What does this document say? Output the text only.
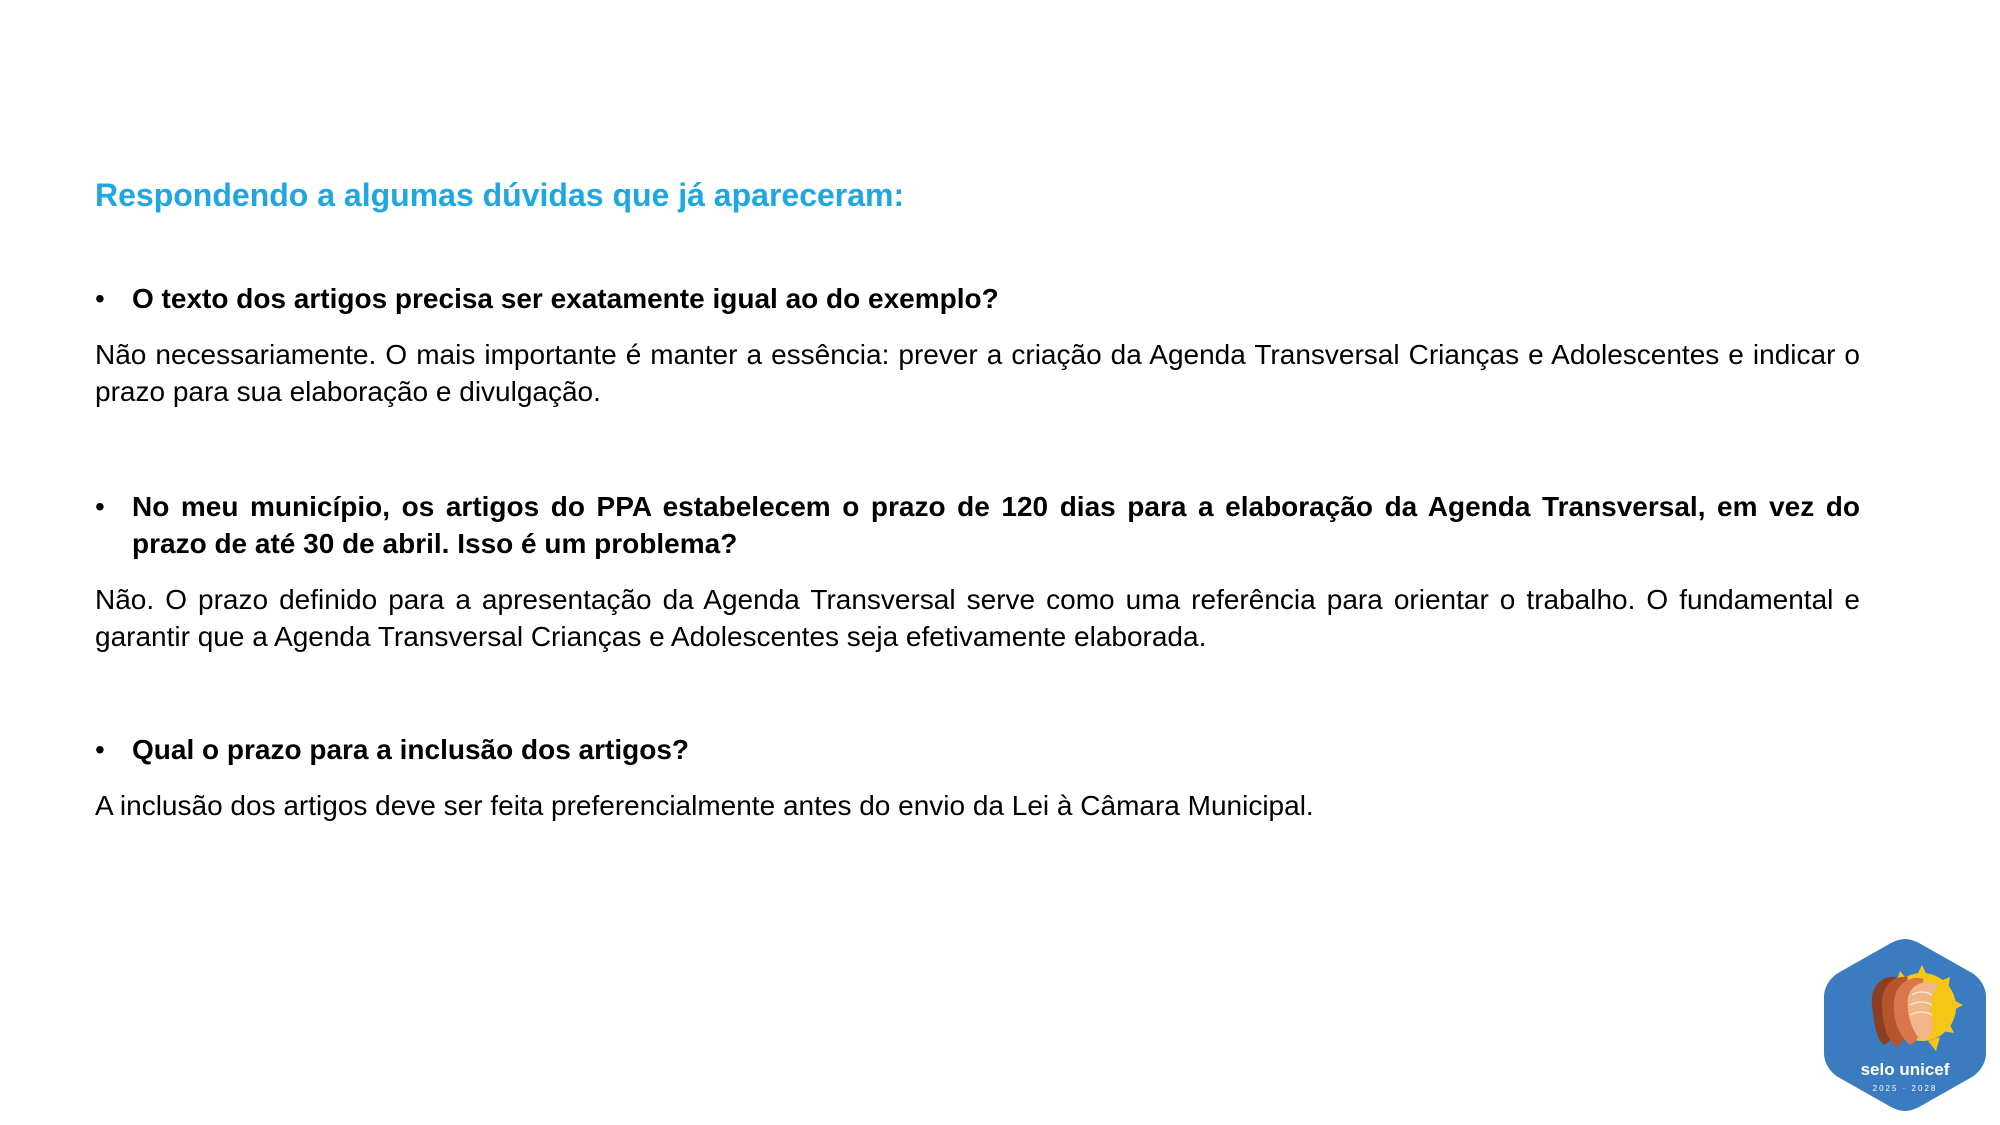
Respondendo a algumas dúvidas que já apareceram:
• O texto dos artigos precisa ser exatamente igual ao do exemplo?
Não necessariamente. O mais importante é manter a essência: prever a criação da Agenda Transversal Crianças e Adolescentes e indicar o prazo para sua elaboração e divulgação.
• No meu município, os artigos do PPA estabelecem o prazo de 120 dias para a elaboração da Agenda Transversal, em vez do prazo de até 30 de abril. Isso é um problema?
Não. O prazo definido para a apresentação da Agenda Transversal serve como uma referência para orientar o trabalho. O fundamental e garantir que a Agenda Transversal Crianças e Adolescentes seja efetivamente elaborada.
• Qual o prazo para a inclusão dos artigos?
A inclusão dos artigos deve ser feita preferencialmente antes do envio da Lei à Câmara Municipal.
selo unicef
2025 · 2028
